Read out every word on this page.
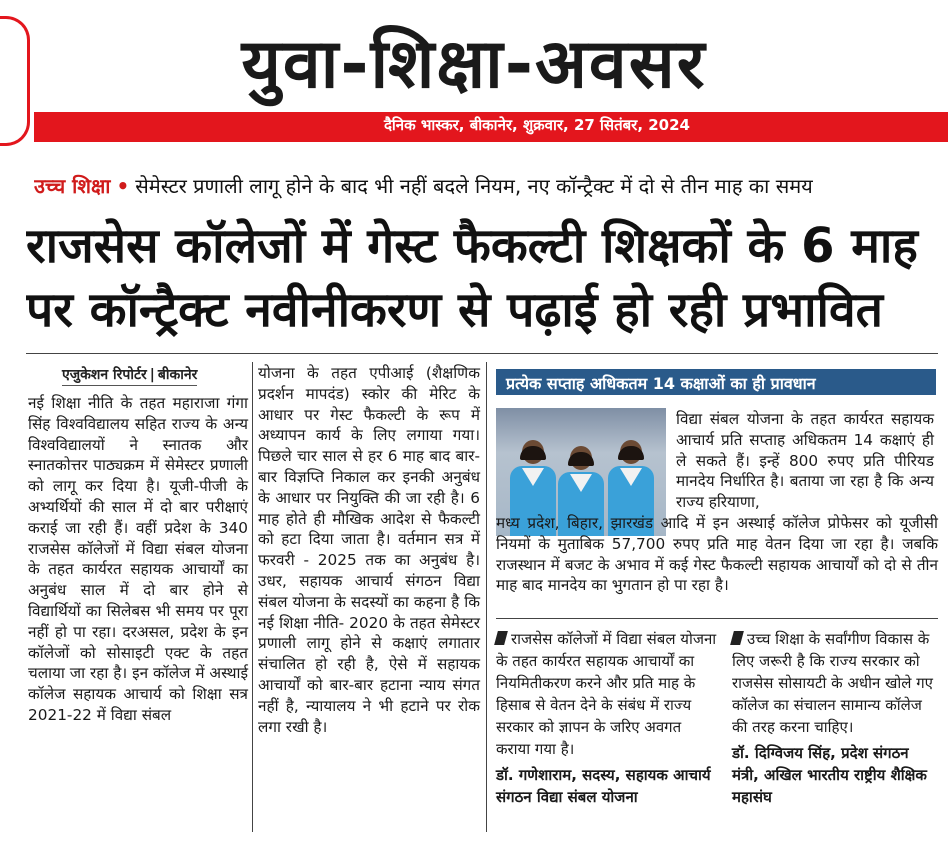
युवा-शिक्षा-अवसर
दैनिक भास्कर, बीकानेर, शुक्रवार, 27 सितंबर, 2024
उच्च शिक्षा • सेमेस्टर प्रणाली लागू होने के बाद भी नहीं बदले नियम, नए कॉन्ट्रैक्ट में दो से तीन माह का समय
राजसेस कॉलेजों में गेस्ट फैकल्टी शिक्षकों के 6 माह
पर कॉन्ट्रैक्ट नवीनीकरण से पढ़ाई हो रही प्रभावित
एजुकेशन रिपोर्टर | बीकानेर
नई शिक्षा नीति के तहत महाराजा गंगा सिंह विश्वविद्यालय सहित राज्य के अन्य विश्वविद्यालयों ने स्नातक और स्नातकोत्तर पाठ्यक्रम में सेमेस्टर प्रणाली को लागू कर दिया है। यूजी-पीजी के अभ्यर्थियों की साल में दो बार परीक्षाएं कराई जा रही हैं। वहीं प्रदेश के 340 राजसेस कॉलेजों में विद्या संबल योजना के तहत कार्यरत सहायक आचार्यों का अनुबंध साल में दो बार होने से विद्यार्थियों का सिलेबस भी समय पर पूरा नहीं हो पा रहा। दरअसल, प्रदेश के इन कॉलेजों को सोसाइटी एक्ट के तहत चलाया जा रहा है। इन कॉलेज में अस्थाई कॉलेज सहायक आचार्य को शिक्षा सत्र 2021-22 में विद्या संबल
योजना के तहत एपीआई (शैक्षणिक प्रदर्शन मापदंड) स्कोर की मेरिट के आधार पर गेस्ट फैकल्टी के रूप में अध्यापन कार्य के लिए लगाया गया। पिछले चार साल से हर 6 माह बाद बार-बार विज्ञप्ति निकाल कर इनकी अनुबंध के आधार पर नियुक्ति की जा रही है। 6 माह होते ही मौखिक आदेश से फैकल्टी को हटा दिया जाता है। वर्तमान सत्र में फरवरी - 2025 तक का अनुबंध है। उधर, सहायक आचार्य संगठन विद्या संबल योजना के सदस्यों का कहना है कि नई शिक्षा नीति- 2020 के तहत सेमेस्टर प्रणाली लागू होने से कक्षाएं लगातार संचालित हो रही है, ऐसे में सहायक आचार्यों को बार-बार हटाना न्याय संगत नहीं है, न्यायालय ने भी हटाने पर रोक लगा रखी है।
प्रत्येक सप्ताह अधिकतम 14 कक्षाओं का ही प्रावधान
विद्या संबल योजना के तहत कार्यरत सहायक आचार्य प्रति सप्ताह अधिकतम 14 कक्षाएं ही ले सकते हैं। इन्हें 800 रुपए प्रति पीरियड मानदेय निर्धारित है। बताया जा रहा है कि अन्य राज्य हरियाणा,
मध्य प्रदेश, बिहार, झारखंड आदि में इन अस्थाई कॉलेज प्रोफेसर को यूजीसी नियमों के मुताबिक 57,700 रुपए प्रति माह वेतन दिया जा रहा है। जबकि राजस्थान में बजट के अभाव में कई गेस्ट फैकल्टी सहायक आचार्यों को दो से तीन माह बाद मानदेय का भुगतान हो पा रहा है।
राजसेस कॉलेजों में विद्या संबल योजना के तहत कार्यरत सहायक आचार्यों का नियमितीकरण करने और प्रति माह के हिसाब से वेतन देने के संबंध में राज्य सरकार को ज्ञापन के जरिए अवगत कराया गया है।
डॉ. गणेशाराम, सदस्य, सहायक आचार्य संगठन विद्या संबल योजना
उच्च शिक्षा के सर्वांगीण विकास के लिए जरूरी है कि राज्य सरकार को राजसेस सोसायटी के अधीन खोले गए कॉलेज का संचालन सामान्य कॉलेज की तरह करना चाहिए।
डॉ. दिग्विजय सिंह, प्रदेश संगठन मंत्री, अखिल भारतीय राष्ट्रीय शैक्षिक महासंघ
